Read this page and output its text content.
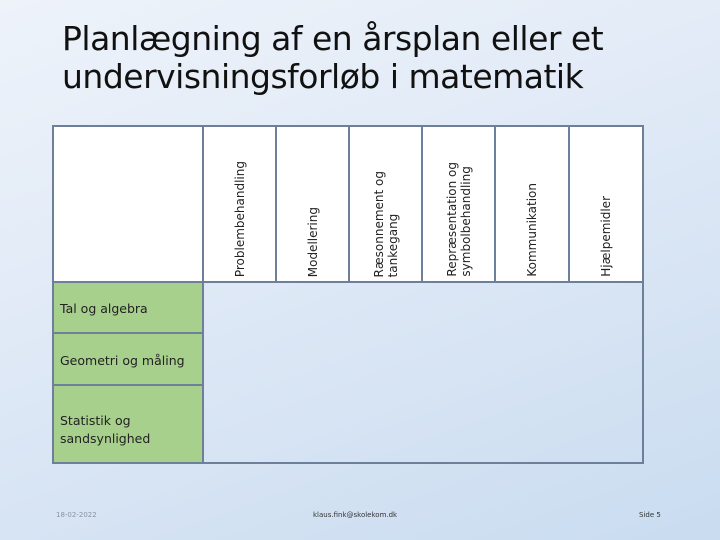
Planlægning af en årsplan eller et
undervisningsforløb i matematik

	Problembehandling	Modellering	Ræsonnement og
tankegang	Repræsentation og
symbolbehandling	Kommunikation	Hjælpemidler

Tal og algebra						
Geometri og måling						
Statistik og
sandsynlighed						
18-02-2022	klaus.fink@skolekom.dk	Side 5
